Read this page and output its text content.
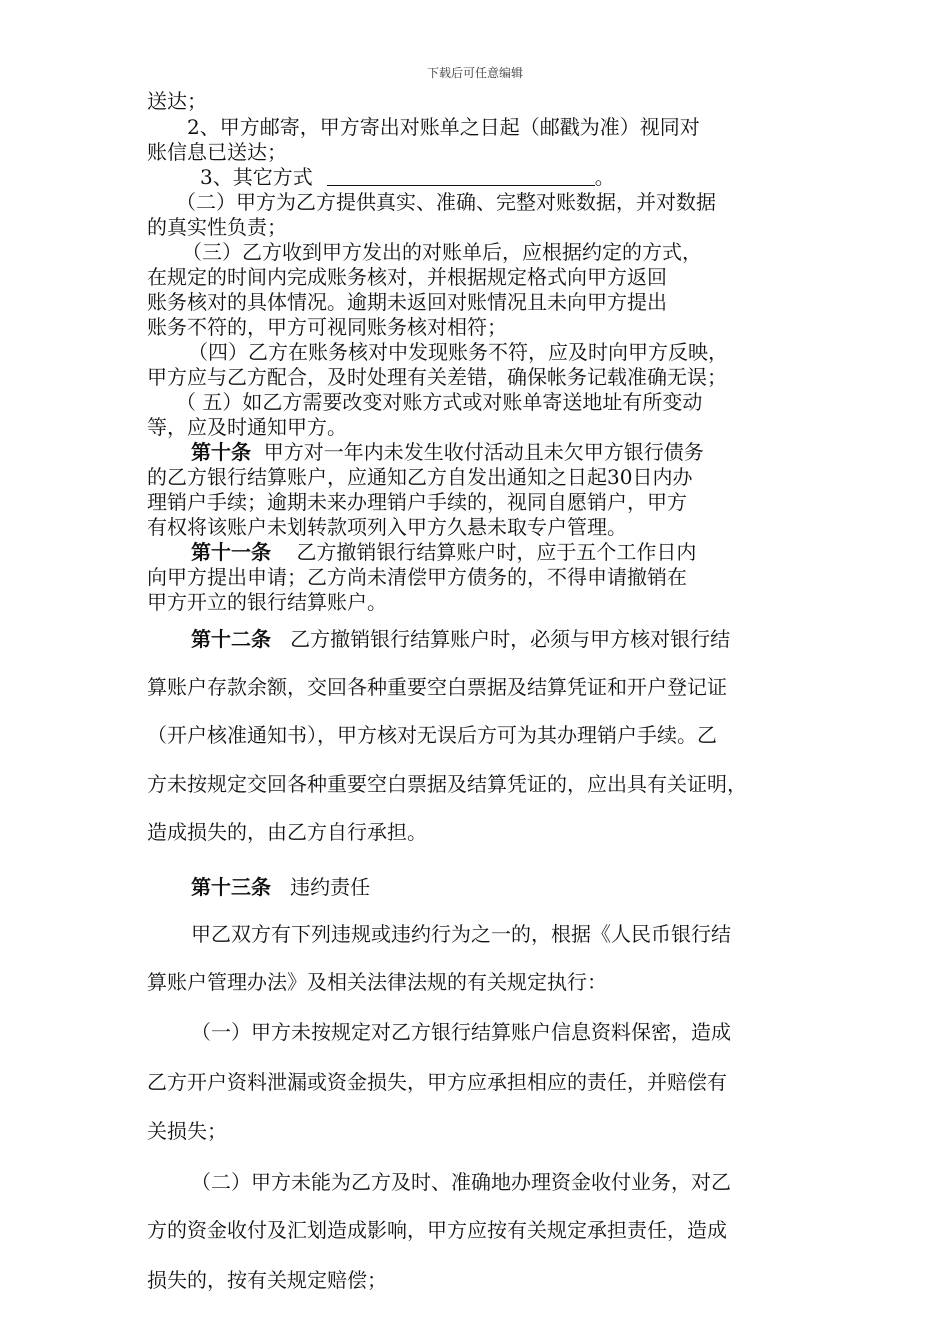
下载后可任意编辑
送达；
2、甲方邮寄，甲方寄出对账单之日起（邮戳为准）视同对
账信息已送达；
3、其它方式	。
（二）甲方为乙方提供真实、准确、完整对账数据，并对数据
的真实性负责；
（三）乙方收到甲方发出的对账单后，应根据约定的方式，
在规定的时间内完成账务核对，并根据规定格式向甲方返回
账务核对的具体情况。逾期未返回对账情况且未向甲方提出
账务不符的，甲方可视同账务核对相符；
（四）乙方在账务核对中发现账务不符，应及时向甲方反映，
甲方应与乙方配合，及时处理有关差错，确保帐务记载准确无误；
（ 五）如乙方需要改变对账方式或对账单寄送地址有所变动
等，应及时通知甲方。
第十条 甲方对一年内未发生收付活动且未欠甲方银行债务
的乙方银行结算账户，应通知乙方自发出通知之日起30日内办
理销户手续；逾期未来办理销户手续的，视同自愿销户，甲方
有权将该账户未划转款项列入甲方久悬未取专户管理。
第十一条 乙方撤销银行结算账户时，应于五个工作日内
向甲方提出申请；乙方尚未清偿甲方债务的，不得申请撤销在
甲方开立的银行结算账户。
第十二条 乙方撤销银行结算账户时，必须与甲方核对银行结
算账户存款余额，交回各种重要空白票据及结算凭证和开户登记证
（开户核准通知书），甲方核对无误后方可为其办理销户手续。乙
方未按规定交回各种重要空白票据及结算凭证的，应出具有关证明，
造成损失的，由乙方自行承担。
第十三条 违约责任
甲乙双方有下列违规或违约行为之一的，根据《人民币银行结
算账户管理办法》及相关法律法规的有关规定执行：
（一）甲方未按规定对乙方银行结算账户信息资料保密，造成
乙方开户资料泄漏或资金损失，甲方应承担相应的责任，并赔偿有
关损失；
（二）甲方未能为乙方及时、准确地办理资金收付业务，对乙
方的资金收付及汇划造成影响，甲方应按有关规定承担责任，造成
损失的，按有关规定赔偿；
